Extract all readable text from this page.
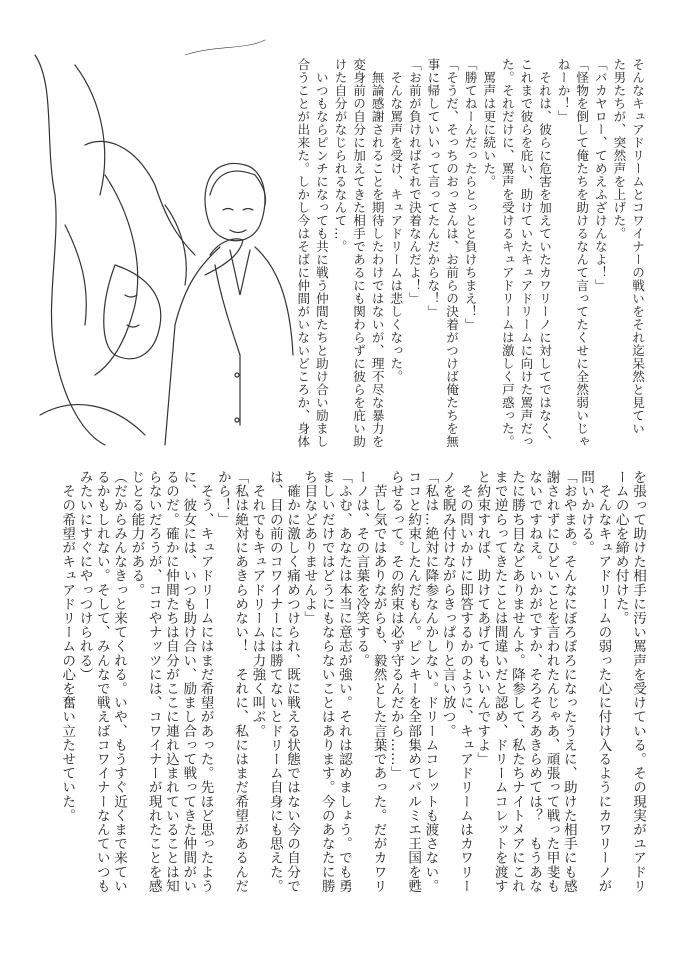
そんなキュアドリームとコワイナーの戦いをそれ迄呆然と見てい
た男たちが、突然声を上げた。
「バカヤロー、てめえふざけんなよ！」
「怪物を倒して俺たちを助けるなんて言ってたくせに全然弱いじゃ
ねーか！」
　それは、彼らに危害を加えていたカワリーノに対してではなく、
これまで彼らを庇い、助けていたキュアドリームに向けた罵声だっ
た。それだけに、罵声を受けるキュアドリームは激しく戸惑った。
　罵声は更に続いた。
「勝てねーんだったらとっとと負けちまえ！」
「そうだ、そっちのおっさんは、お前らの決着がつけば俺たちを無
事に帰していいって言ってたんだからな！」
「お前が負ければそれで決着なんだよ！」
　そんな罵声を受け、キュアドリームは悲しくなった。
　無論感謝されることを期待したわけではないが、理不尽な暴力を
変身前の自分に加えてきた相手であるにも関わらずに彼らを庇い助
けた自分がなじられるなんて…。
　いつもならピンチになっても共に戦う仲間たちと助け合い励まし
合うことが出来た。しかし今はそばに仲間がいないどころか、身体
を張って助けた相手に汚い罵声を受けている。その現実がユアドリ
ームの心を締め付けた。
　そんなキュアドリームの弱った心に付け入るようにカワリーノが
問いかける。
「おやまあ。そんなにぼろぼろになったうえに、助けた相手にも感
謝されずにひどいことを言われたんじゃあ、頑張って戦った甲斐も
ないですねえ。いかがですか、そろそろあきらめては？　もうあな
たに勝ち目などありませんよ。降参して、私たちナイトメアにこれ
まで逆らってきたことは間違いだと認め、ドリームコレットを渡す
と約束すれば、助けてあげてもいいんですよ」
　その問いかけに即答するかのように、キュアドリームはカワリー
ノを睨み付けながらきっぱりと言い放つ。
「私は…絶対に降参なんかしない。ドリームコレットも渡さない。
ココと約束したんだもん。ピンキーを全部集めてパルミエ王国を甦
らせるって。その約束は必ず守るんだから……」
　苦し気ではありながらも、毅然とした言葉であった。だがカワリ
ーノは、その言葉を冷笑する。
「ふむ、あなたは本当に意志が強い。それは認めましょう。でも勇
ましいだけではどうにもならないことはあります。今のあなたに勝
ち目などありませんよ」
　確かに激しく痛めつけられ、既に戦える状態ではない今の自分で
は、目の前のコワイナーには勝てないとドリーム自身にも思えた。
　それでもキュアドリームは力強く叫ぶ。
「私は絶対にあきらめない！　それに、私にはまだ希望があるんだ
から！」
　そう、キュアドリームにはまだ希望があった。先ほど思ったよう
に、彼女には、いつも助け合い、励まし合って戦ってきた仲間がい
るのだ。確かに仲間たちは自分がここに連れ込まれていることは知
らないだろうが、ココやナッツには、コワイナーが現れたことを感
じとる能力がある。
（だからみんなきっと来てくれる。いや、もうすぐ近くまで来てい
るかもしれない。そして、みんなで戦えばコワイナーなんていつも
みたいにすぐにやっつけられる）
　その希望がキュアドリームの心を奮い立たせていた。
